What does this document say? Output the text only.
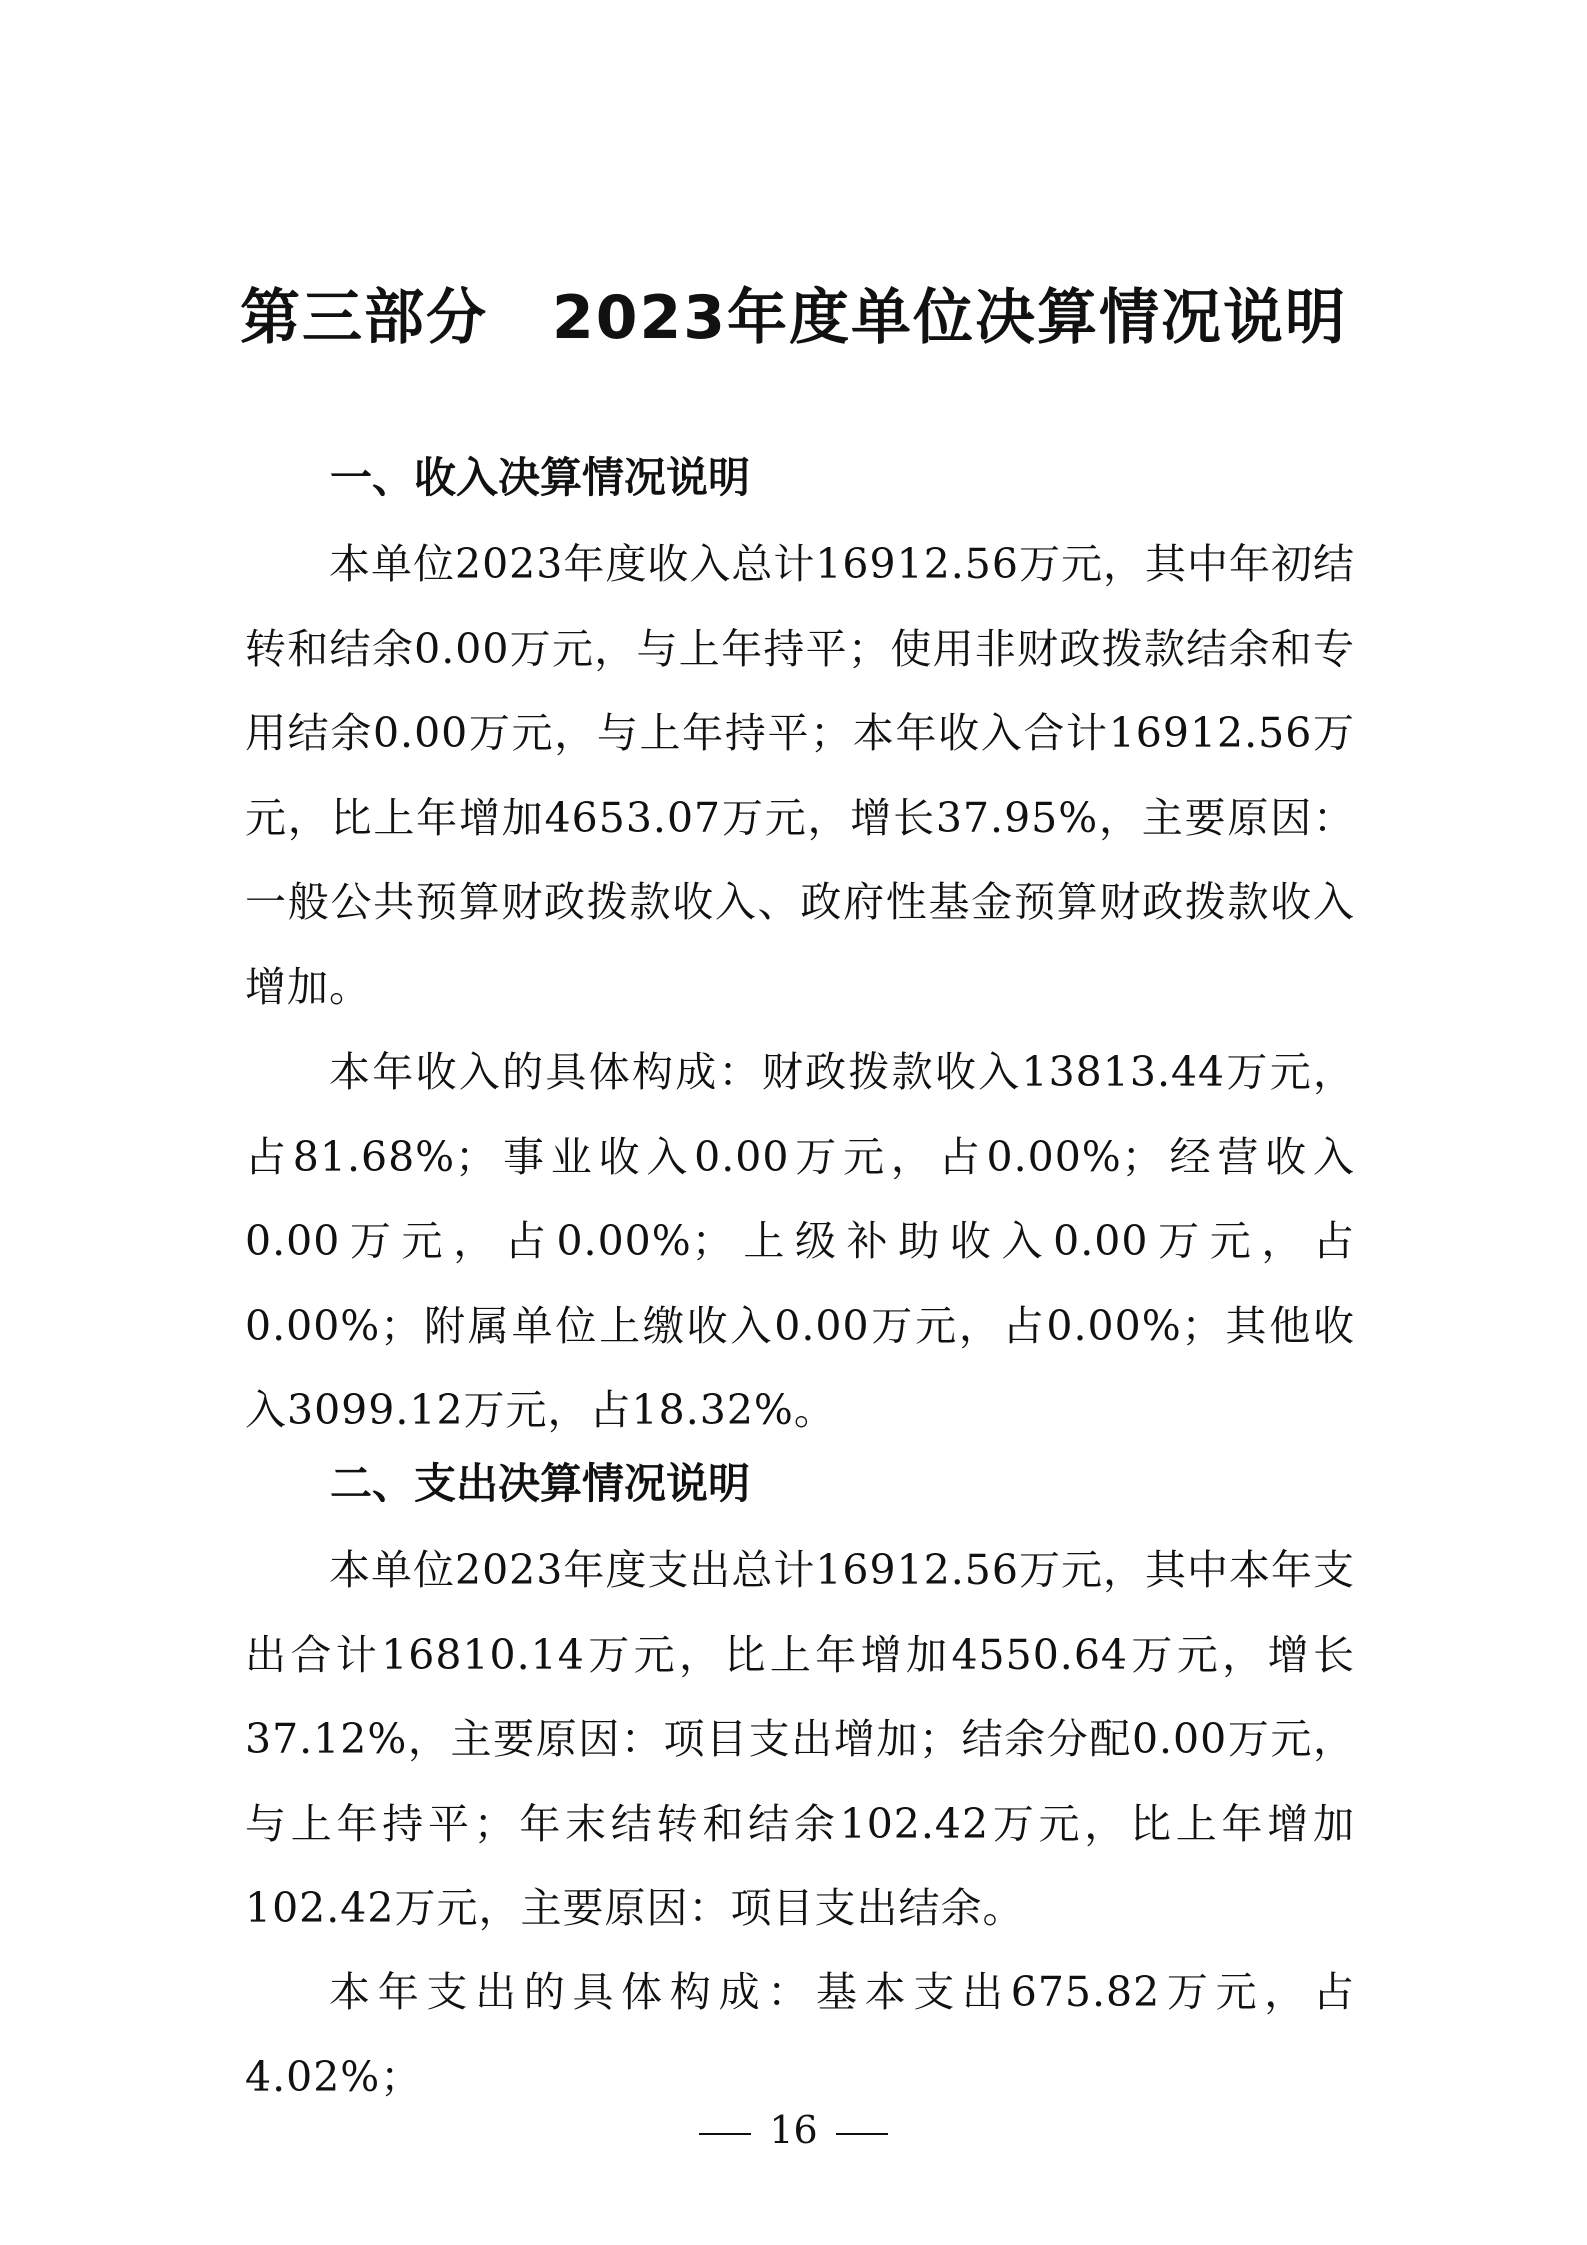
第三部分 2023年度单位决算情况说明
一、收入决算情况说明

本单位2023年度收入总计16912.56万元，其中年初结转和结余0.00万元，与上年持平；使用非财政拨款结余和专用结余0.00万元，与上年持平；本年收入合计16912.56万元，比上年增加4653.07万元，增长37.95%，主要原因：一般公共预算财政拨款收入、政府性基金预算财政拨款收入增加。

本年收入的具体构成：财政拨款收入13813.44万元，占81.68%；事业收入0.00万元，占0.00%；经营收入0.00万元，占0.00%；上级补助收入0.00万元，占0.00%；附属单位上缴收入0.00万元，占0.00%；其他收入3099.12万元，占18.32%。

二、支出决算情况说明

本单位2023年度支出总计16912.56万元，其中本年支出合计16810.14万元，比上年增加4550.64万元，增长37.12%，主要原因：项目支出增加；结余分配0.00万元，与上年持平；年末结转和结余102.42万元，比上年增加102.42万元，主要原因：项目支出结余。

本年支出的具体构成：基本支出675.82万元，占4.02%；

16
